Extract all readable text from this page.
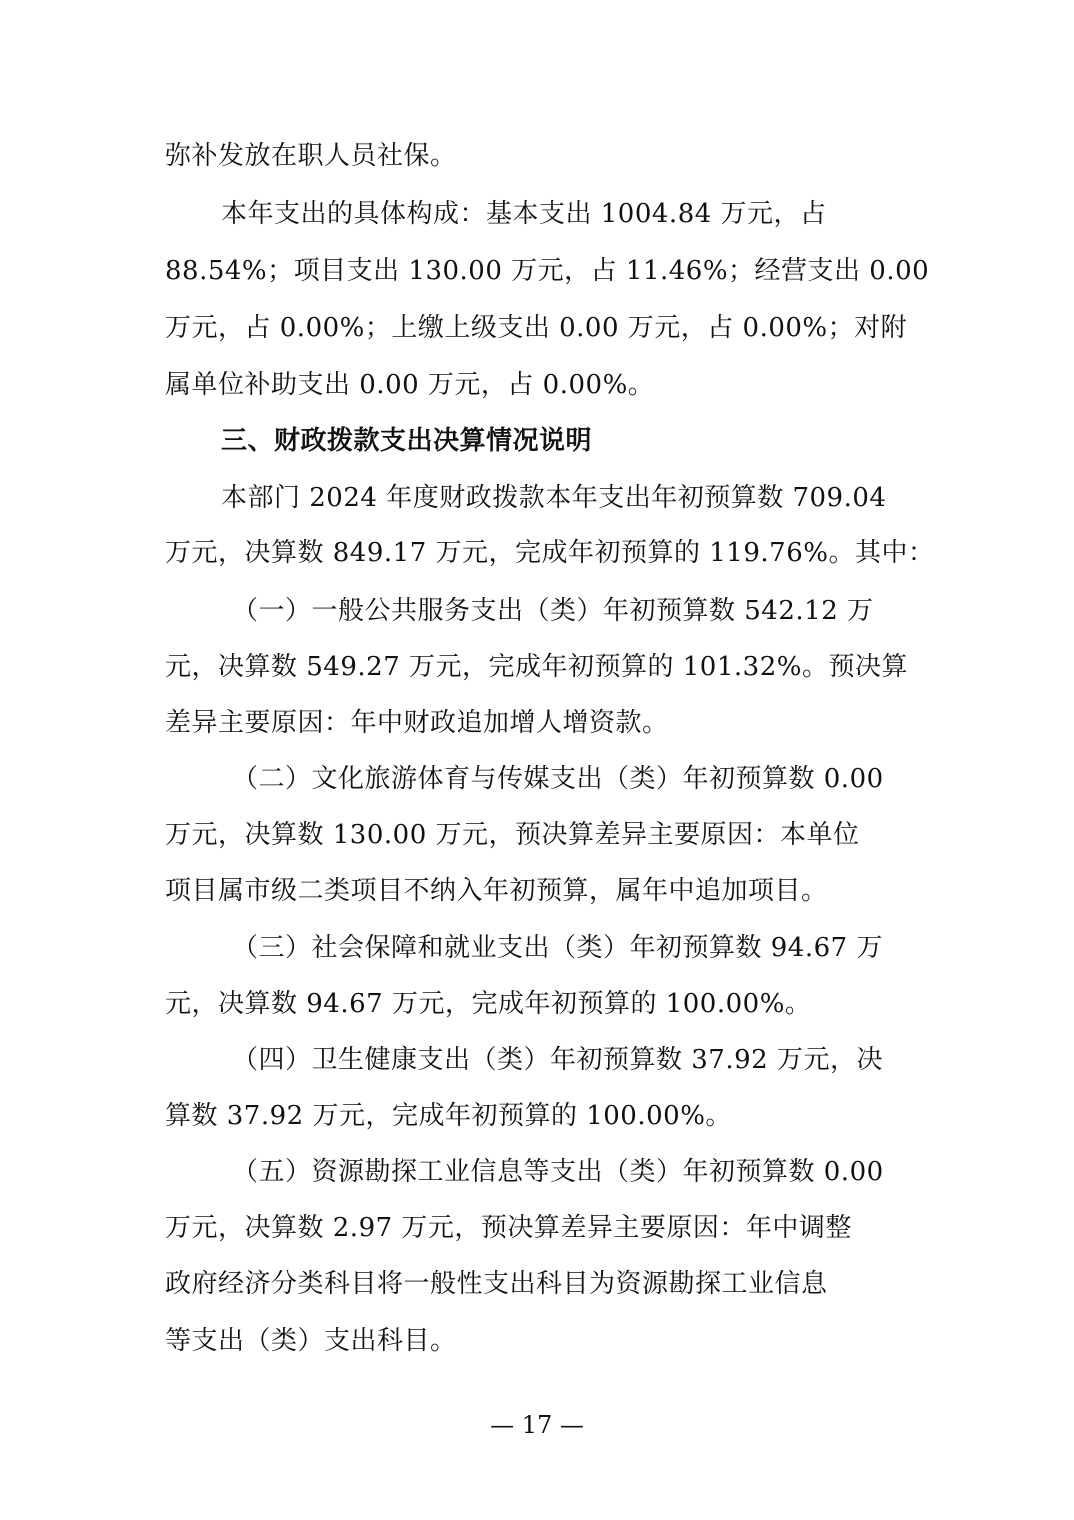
弥补发放在职人员社保。
本年支出的具体构成：基本支出 1004.84 万元，占
88.54%；项目支出 130.00 万元，占 11.46%；经营支出 0.00
万元，占 0.00%；上缴上级支出 0.00 万元，占 0.00%；对附
属单位补助支出 0.00 万元，占 0.00%。
三、财政拨款支出决算情况说明
本部门 2024 年度财政拨款本年支出年初预算数 709.04
万元，决算数 849.17 万元，完成年初预算的 119.76%。其中：
（一）一般公共服务支出（类）年初预算数 542.12 万
元，决算数 549.27 万元，完成年初预算的 101.32%。预决算
差异主要原因：年中财政追加增人增资款。
（二）文化旅游体育与传媒支出（类）年初预算数 0.00
万元，决算数 130.00 万元，预决算差异主要原因：本单位
项目属市级二类项目不纳入年初预算，属年中追加项目。
（三）社会保障和就业支出（类）年初预算数 94.67 万
元，决算数 94.67 万元，完成年初预算的 100.00%。
（四）卫生健康支出（类）年初预算数 37.92 万元，决
算数 37.92 万元，完成年初预算的 100.00%。
（五）资源勘探工业信息等支出（类）年初预算数 0.00
万元，决算数 2.97 万元，预决算差异主要原因：年中调整
政府经济分类科目将一般性支出科目为资源勘探工业信息
等支出（类）支出科目。
— 17 —
